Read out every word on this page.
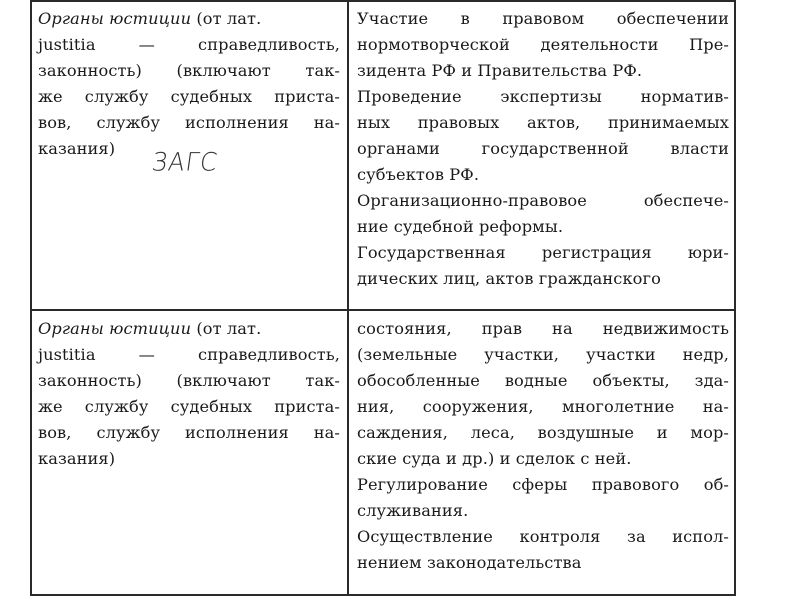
Органы юстиции (от лат.
justitia — справедливость,
законность) (включают так-
же службу судебных пристa-
вов, службу исполнения на-
казания)	ЗАГС
Участие в правовом обеспечении
нормотворческой деятельности Пре-
зидента РФ и Правительства РФ.
Проведение экспертизы норматив-
ных правовых актов, принимаемых
органами государственной власти
субъектов РФ.
Организационно-правовое обеспече-
ние судебной реформы.
Государственная регистрация юри-
дических лиц, актов гражданского
Органы юстиции (от лат.
justitia — справедливость,
законность) (включают так-
же службу судебных пристa-
вов, службу исполнения на-
казания)
состояния, прав на недвижимость
(земельные участки, участки недр,
обособленные водные объекты, зда-
ния, сооружения, многолетние на-
саждения, леса, воздушные и мор-
ские суда и др.) и сделок с ней.
Регулирование сферы правового об-
служивания.
Осуществление контроля за испол-
нением законодательства
